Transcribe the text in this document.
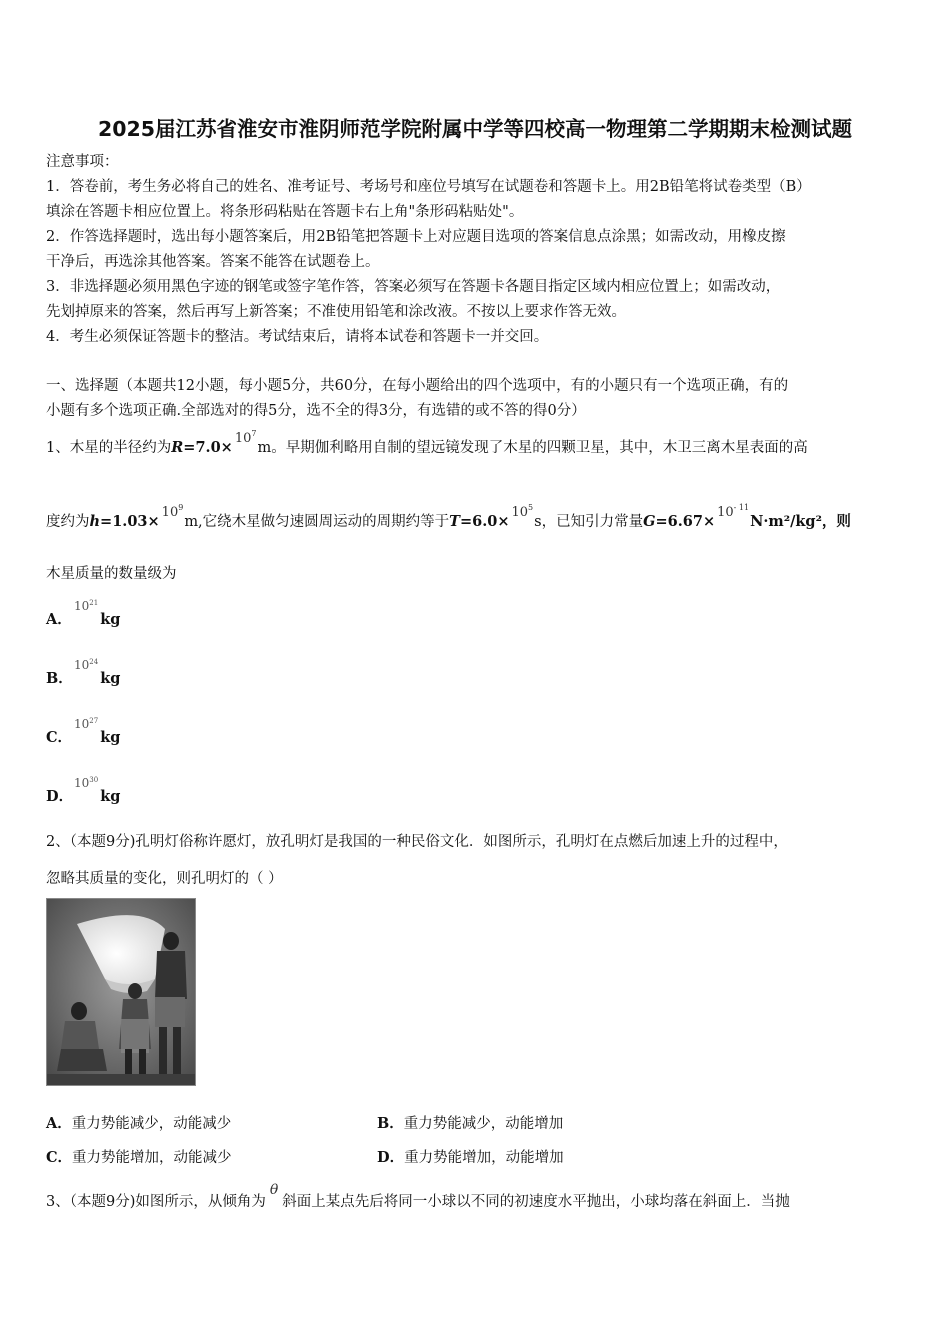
2025届江苏省淮安市淮阴师范学院附属中学等四校高一物理第二学期期末检测试题
注意事项：
1．答卷前，考生务必将自己的姓名、准考证号、考场号和座位号填写在试题卷和答题卡上。用2B铅笔将试卷类型（B）
填涂在答题卡相应位置上。将条形码粘贴在答题卡右上角"条形码粘贴处"。
2．作答选择题时，选出每小题答案后，用2B铅笔把答题卡上对应题目选项的答案信息点涂黑；如需改动，用橡皮擦
干净后，再选涂其他答案。答案不能答在试题卷上。
3．非选择题必须用黑色字迹的钢笔或签字笔作答，答案必须写在答题卡各题目指定区域内相应位置上；如需改动，
先划掉原来的答案，然后再写上新答案；不准使用铅笔和涂改液。不按以上要求作答无效。
4．考生必须保证答题卡的整洁。考试结束后，请将本试卷和答题卡一并交回。
一、选择题（本题共12小题，每小题5分，共60分，在每小题给出的四个选项中，有的小题只有一个选项正确，有的
小题有多个选项正确.全部选对的得5分，选不全的得3分，有选错的或不答的得0分）
1、木星的半径约为$R=7.0\times 10^7m$。早期伽利略用自制的望远镜发现了木星的四颗卫星，其中，木卫三离木星表面的高
度约为$h=1.03\times 10^9m$,它绕木星做匀速圆周运动的周期约等于$T=6.0\times 10^5s$，已知引力常量$G=6.67\times 10^{- 11}N\cdot m^2$/kg²，则
木星质量的数量级为
A．$10^{21}kg$
B．$10^{24}kg$
C．$10^{27}kg$
D．$10^{30}kg$
2、（本题9分)孔明灯俗称许愿灯，放孔明灯是我国的一种民俗文化．如图所示，孔明灯在点燃后加速上升的过程中，
忽略其质量的变化，则孔明灯的（ ）
A．重力势能减少，动能减少	B．重力势能减少，动能增加
C．重力势能增加，动能减少	D．重力势能增加，动能增加
3、（本题9分)如图所示，从倾角为θ斜面上某点先后将同一小球以不同的初速度水平抛出，小球均落在斜面上．当抛
